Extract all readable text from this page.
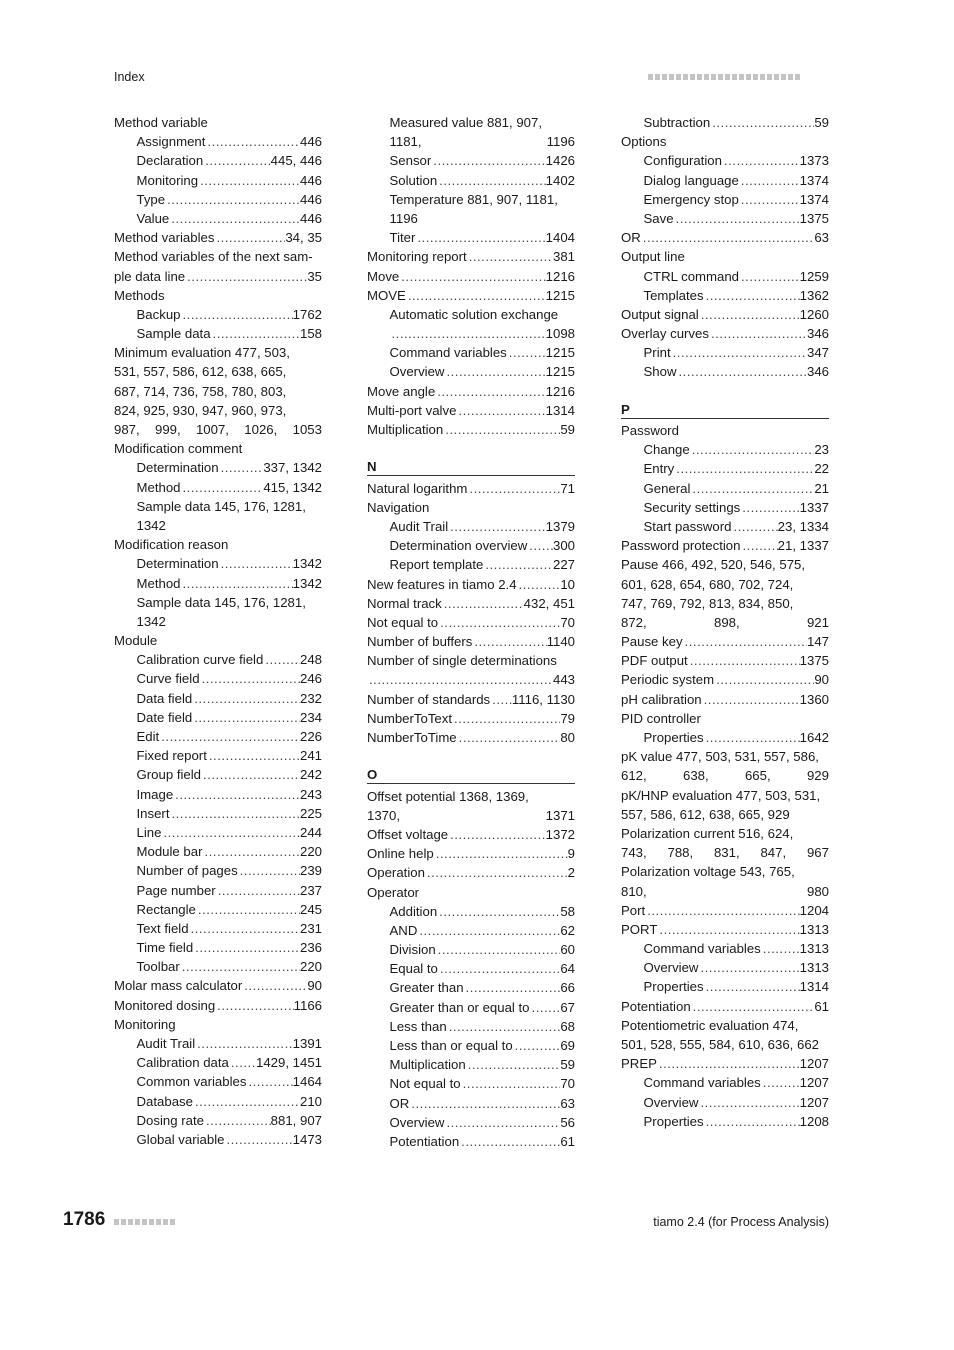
Index
Method variable
Assignment .....	446
Declaration .....	445, 446
Monitoring .....	446
Type .....	446
Value .....	446
Method variables .....	34, 35
Method variables of the next sam-
ple data line .....	35
Methods
Backup .....	1762
Sample data .....	158
Minimum evaluation 477, 503,
531, 557, 586, 612, 638, 665,
687, 714, 736, 758, 780, 803,
824, 925, 930, 947, 960, 973,
987, 999, 1007, 1026, 1053
Modification comment
Determination .....	337, 1342
Method .....	415, 1342
Sample data 145, 176, 1281,
1342
Modification reason
Determination .....	1342
Method .....	1342
Sample data 145, 176, 1281,
1342
Module
Calibration curve field .....	248
Curve field .....	246
Data field .....	232
Date field .....	234
Edit .....	226
Fixed report .....	241
Group field .....	242
Image .....	243
Insert .....	225
Line .....	244
Module bar .....	220
Number of pages .....	239
Page number .....	237
Rectangle .....	245
Text field .....	231
Time field .....	236
Toolbar .....	220
Molar mass calculator .....	90
Monitored dosing .....	1166
Monitoring
Audit Trail .....	1391
Calibration data ..... 1429, 1451
Common variables .....	1464
Database .....	210
Dosing rate .....	881, 907
Global variable .....	1473
Measured value 881, 907,
1181,	1196
Sensor .....	1426
Solution .....	1402
Temperature 881, 907, 1181,
1196
Titer .....	1404
Monitoring report .....	381
Move .....	1216
MOVE .....	1215
Automatic solution exchange
.....
1098
Command variables .....	1215
Overview .....	1215
Move angle .....	1216
Multi-port valve .....	1314
Multiplication .....	59
N
Natural logarithm .....	71
Navigation
Audit Trail .....	1379
Determination overview ..... 300
Report template .....	227
New features in tiamo 2.4 .....	10
Normal track .....	432, 451
Not equal to .....	70
Number of buffers .....	1140
Number of single determinations
.....
443
Number of standards ..... 1116, 1130
NumberToText .....	79
NumberToTime .....	80
O
Offset potential 1368, 1369,
1370,	1371
Offset voltage .....	1372
Online help .....	9
Operation .....	2
Operator
Addition .....	58
AND .....	62
Division .....	60
Equal to .....	64
Greater than .....	66
Greater than or equal to ..... 67
Less than .....	68
Less than or equal to .....	69
Multiplication .....	59
Not equal to .....	70
OR .....	63
Overview .....	56
Potentiation .....	61
Subtraction .....	59
Options
Configuration .....	1373
Dialog language .....	1374
Emergency stop .....	1374
Save .....	1375
OR .....	63
Output line
CTRL command .....	1259
Templates .....	1362
Output signal .....	1260
Overlay curves .....	346
Print .....	347
Show .....	346
P
Password
Change .....	23
Entry .....	22
General .....	21
Security settings .....	1337
Start password .....	23, 1334
Password protection .....	21, 1337
Pause 466, 492, 520, 546, 575,
601, 628, 654, 680, 702, 724,
747, 769, 792, 813, 834, 850,
872,	898,	921
Pause key .....	147
PDF output .....	1375
Periodic system .....	90
pH calibration .....	1360
PID controller
Properties .....	1642
pK value 477, 503, 531, 557, 586,
612,	638,	665,	929
pK/HNP evaluation 477, 503, 531,
557, 586, 612, 638, 665, 929
Polarization current 516, 624,
743, 788, 831, 847, 967
Polarization voltage 543, 765,
810,	980
Port .....	1204
PORT .....	1313
Command variables .....	1313
Overview .....	1313
Properties .....	1314
Potentiation .....	61
Potentiometric evaluation 474,
501, 528, 555, 584, 610, 636, 662
PREP .....	1207
Command variables .....	1207
Overview .....	1207
Properties .....	1208
1786	tiamo 2.4 (for Process Analysis)
